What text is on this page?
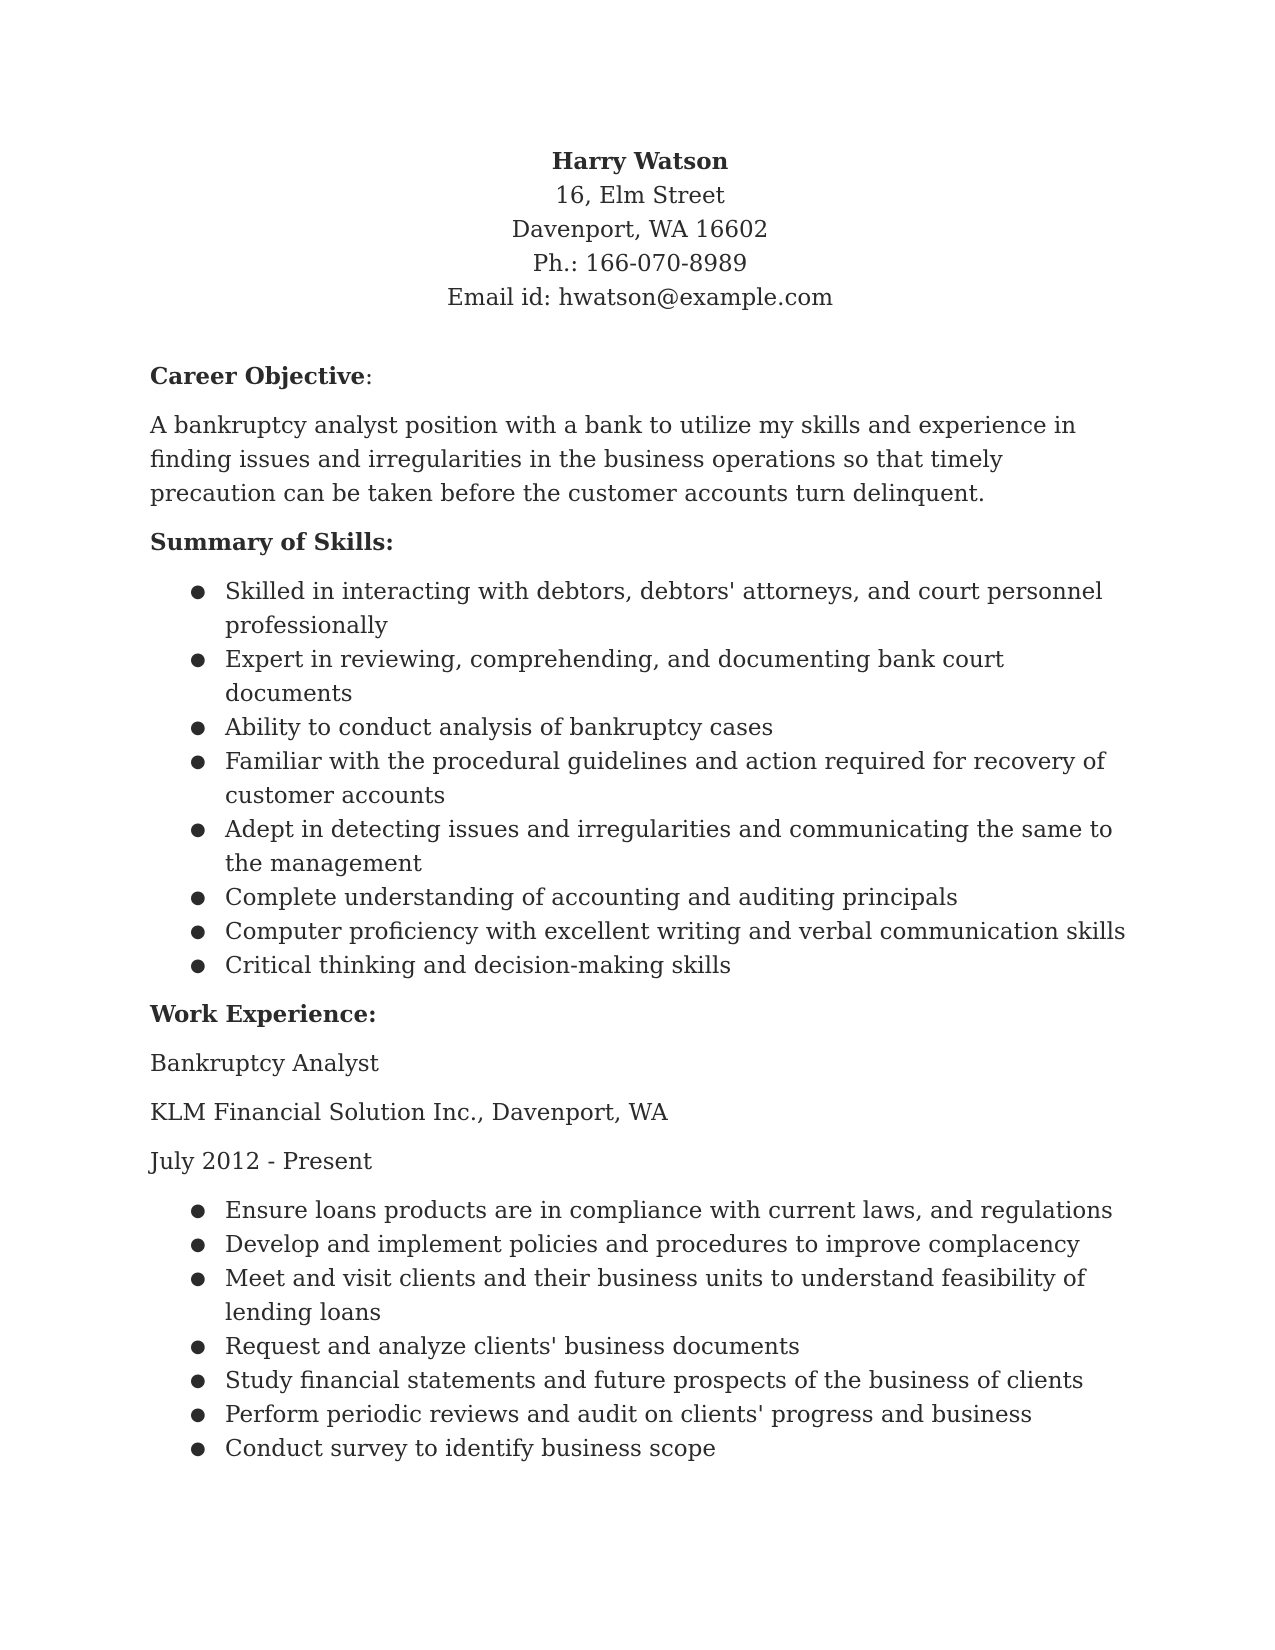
Harry Watson
16, Elm Street
Davenport, WA 16602
Ph.: 166-070-8989
Email id: hwatson@example.com
Career Objective:

A bankruptcy analyst position with a bank to utilize my skills and experience in finding issues and irregularities in the business operations so that timely precaution can be taken before the customer accounts turn delinquent.

Summary of Skills:
● Skilled in interacting with debtors, debtors' attorneys, and court personnel professionally
● Expert in reviewing, comprehending, and documenting bank court documents
● Ability to conduct analysis of bankruptcy cases
● Familiar with the procedural guidelines and action required for recovery of customer accounts
● Adept in detecting issues and irregularities and communicating the same to the management
● Complete understanding of accounting and auditing principals
● Computer proficiency with excellent writing and verbal communication skills
● Critical thinking and decision-making skills
Work Experience:

Bankruptcy Analyst

KLM Financial Solution Inc., Davenport, WA

July 2012 - Present

● Ensure loans products are in compliance with current laws, and regulations
● Develop and implement policies and procedures to improve complacency
● Meet and visit clients and their business units to understand feasibility of lending loans
● Request and analyze clients' business documents
● Study financial statements and future prospects of the business of clients
● Perform periodic reviews and audit on clients' progress and business
● Conduct survey to identify business scope
